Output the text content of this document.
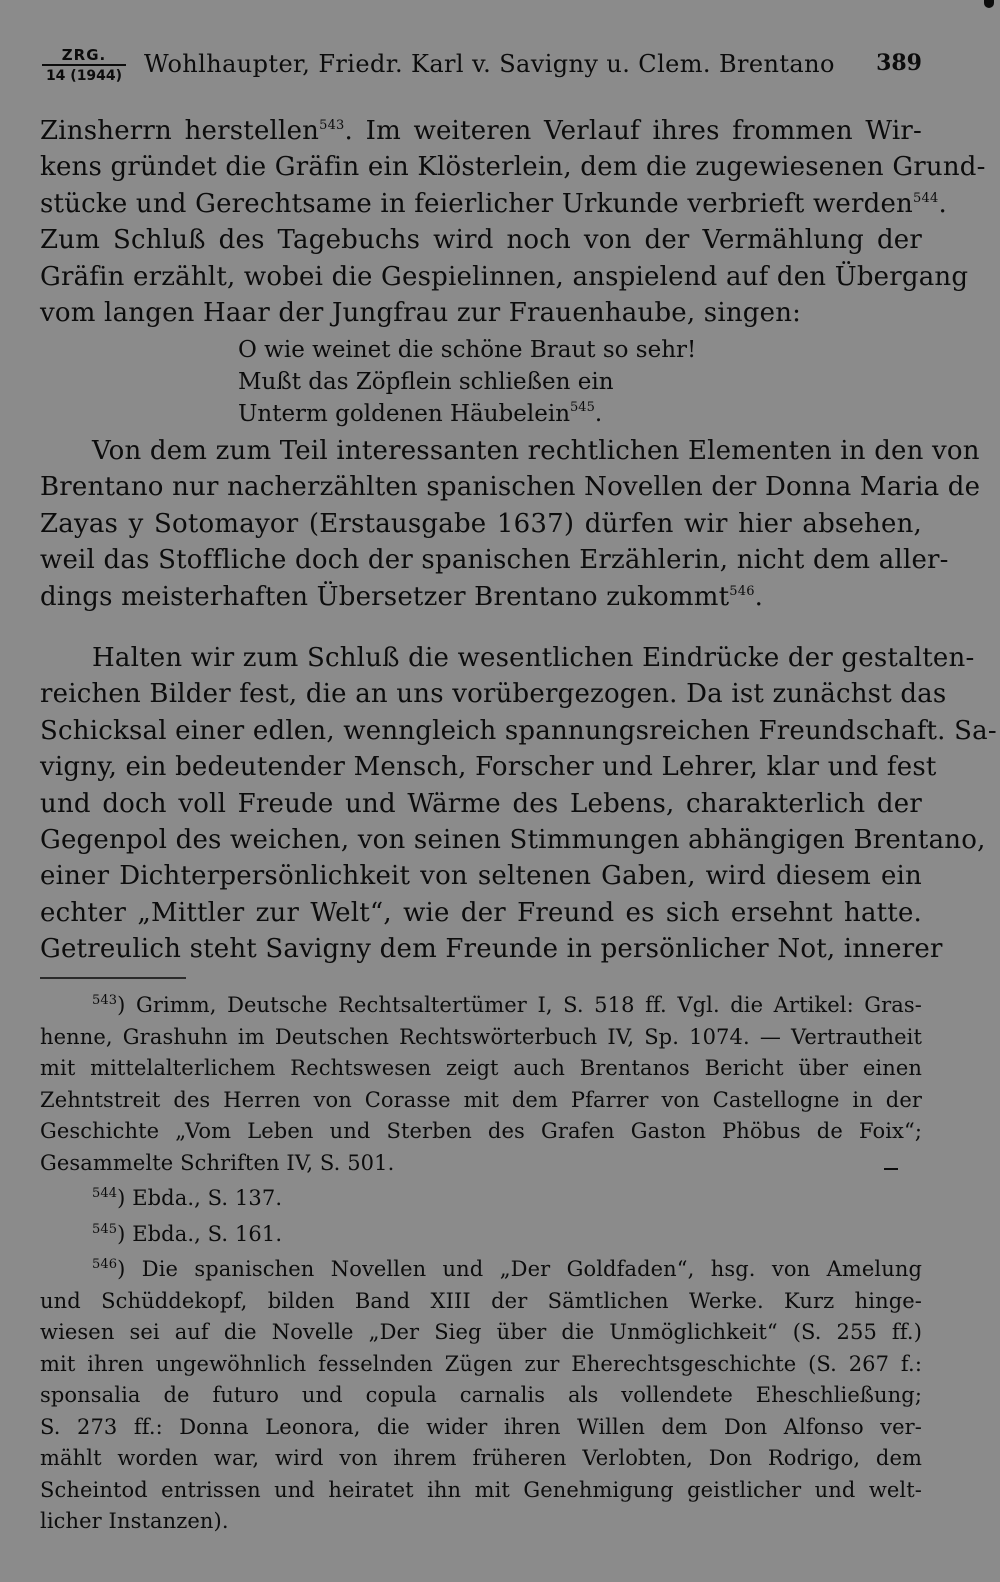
ZRG.
14 (1944) Wohlhaupter, Friedr. Karl v. Savigny u. Clem. Brentano 389
Zinsherrn herstellen$^{543}$. Im weiteren Verlauf ihres frommen Wir-
kens gründet die Gräfin ein Klösterlein, dem die zugewiesenen Grund-
stücke und Gerechtsame in feierlicher Urkunde verbrieft werden$^{544}$.
Zum Schluß des Tagebuchs wird noch von der Vermählung der
Gräfin erzählt, wobei die Gespielinnen, anspielend auf den Übergang
vom langen Haar der Jungfrau zur Frauenhaube, singen:
O wie weinet die schöne Braut so sehr!
Mußt das Zöpflein schließen ein
Unterm goldenen Häubelein$^{545}$.
Von dem zum Teil interessanten rechtlichen Elementen in den von
Brentano nur nacherzählten spanischen Novellen der Donna Maria de
Zayas y Sotomayor (Erstausgabe 1637) dürfen wir hier absehen,
weil das Stoffliche doch der spanischen Erzählerin, nicht dem aller-
dings meisterhaften Übersetzer Brentano zukommt$^{546}$.
Halten wir zum Schluß die wesentlichen Eindrücke der gestalten-
reichen Bilder fest, die an uns vorübergezogen. Da ist zunächst das
Schicksal einer edlen, wenngleich spannungsreichen Freundschaft. Sa-
vigny, ein bedeutender Mensch, Forscher und Lehrer, klar und fest
und doch voll Freude und Wärme des Lebens, charakterlich der
Gegenpol des weichen, von seinen Stimmungen abhängigen Brentano,
einer Dichterpersönlichkeit von seltenen Gaben, wird diesem ein
echter „Mittler zur Welt“, wie der Freund es sich ersehnt hatte.
Getreulich steht Savigny dem Freunde in persönlicher Not, innerer
$^{543}$) Grimm, Deutsche Rechtsaltertümer I, S. 518 ff. Vgl. die Artikel: Gras-
henne, Grashuhn im Deutschen Rechtswörterbuch IV, Sp. 1074. — Vertrautheit
mit mittelalterlichem Rechtswesen zeigt auch Brentanos Bericht über einen
Zehntstreit des Herren von Corasse mit dem Pfarrer von Castellogne in der
Geschichte „Vom Leben und Sterben des Grafen Gaston Phöbus de Foix“;
Gesammelte Schriften IV, S. 501.
$^{544}$) Ebda., S. 137.
$^{545}$) Ebda., S. 161.
$^{546}$) Die spanischen Novellen und „Der Goldfaden“, hsg. von Amelung
und Schüddekopf, bilden Band XIII der Sämtlichen Werke. Kurz hinge-
wiesen sei auf die Novelle „Der Sieg über die Unmöglichkeit“ (S. 255 ff.)
mit ihren ungewöhnlich fesselnden Zügen zur Eherechtsgeschichte (S. 267 f.:
sponsalia de futuro und copula carnalis als vollendete Eheschließung;
S. 273 ff.: Donna Leonora, die wider ihren Willen dem Don Alfonso ver-
mählt worden war, wird von ihrem früheren Verlobten, Don Rodrigo, dem
Scheintod entrissen und heiratet ihn mit Genehmigung geistlicher und welt-
licher Instanzen).
